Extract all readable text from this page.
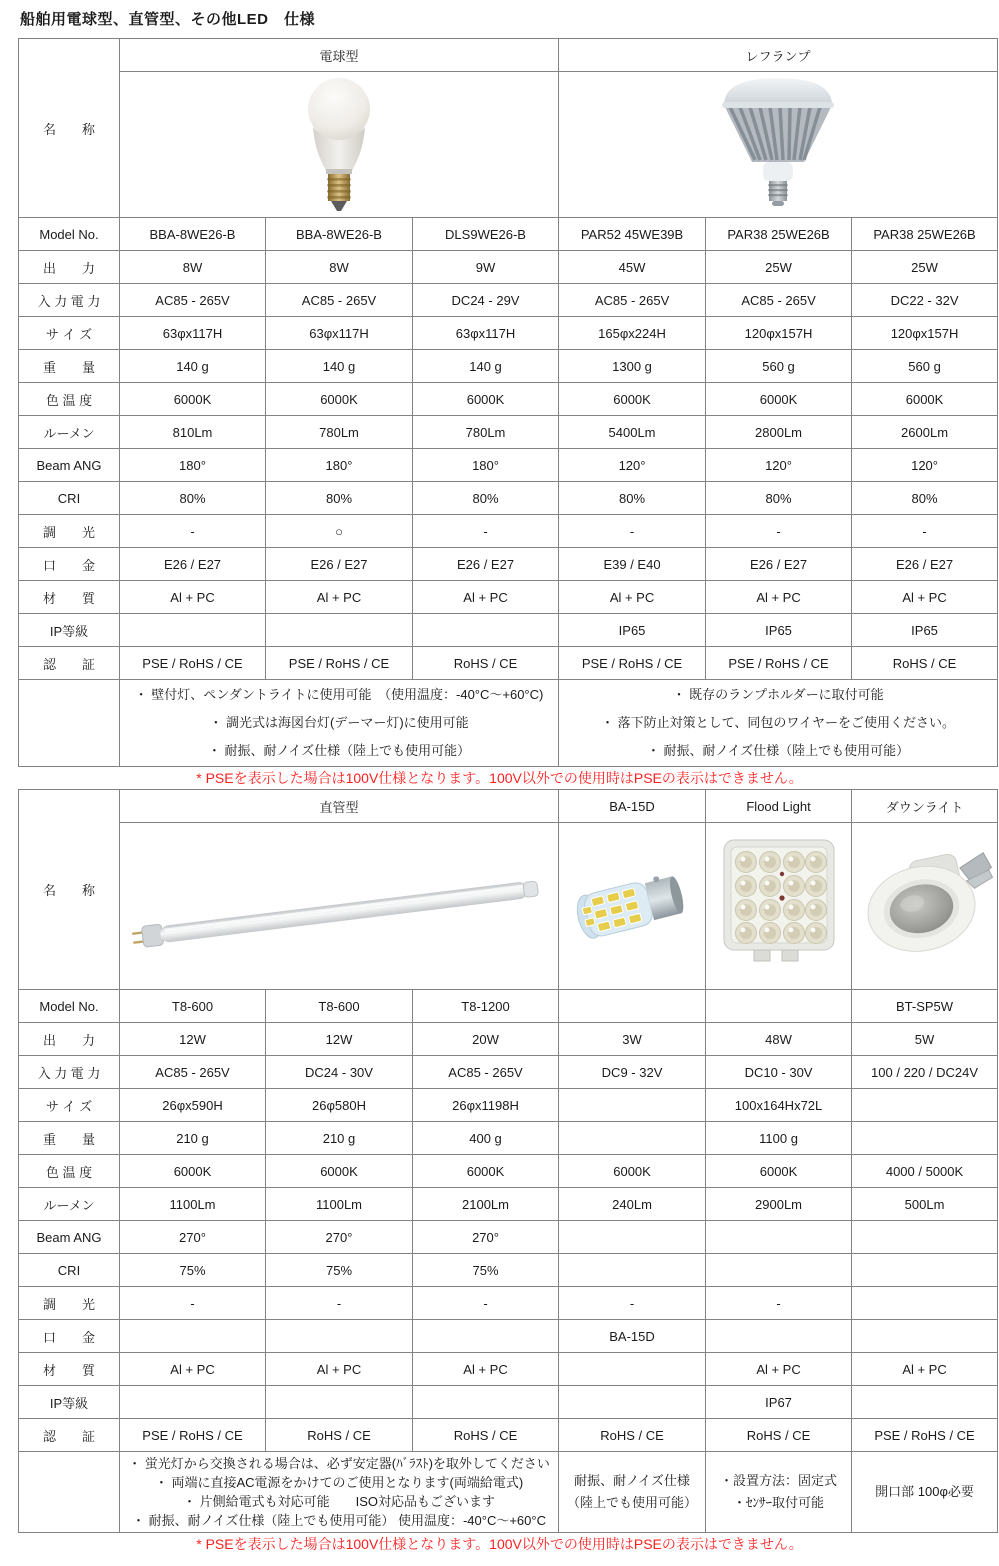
船舶用電球型、直管型、その他LED　仕様
名　　称	電球型			レフランプ		

Model No.	BBA-8WE26-B	BBA-8WE26-B	DLS9WE26-B	PAR52 45WE39B	PAR38 25WE26B	PAR38 25WE26B
出　　力	8W	8W	9W	45W	25W	25W
入 力 電 力	AC85 - 265V	AC85 - 265V	DC24 - 29V	AC85 - 265V	AC85 - 265V	DC22 - 32V
サ イ ズ	63φx117H	63φx117H	63φx117H	165φx224H	120φx157H	120φx157H
重　　量	140 g	140 g	140 g	1300 g	560 g	560 g
色 温 度	6000K	6000K	6000K	6000K	6000K	6000K
ルーメン	810Lm	780Lm	780Lm	5400Lm	2800Lm	2600Lm
Beam ANG	180°	180°	180°	120°	120°	120°
CRI	80%	80%	80%	80%	80%	80%
調　　光	-	○	-	-	-	-
口　　金	E26 / E27	E26 / E27	E26 / E27	E39 / E40	E26 / E27	E26 / E27
材　　質	Al + PC	Al + PC	Al + PC	Al + PC	Al + PC	Al + PC
IP等級				IP65	IP65	IP65
認　　証	PSE / RoHS / CE	PSE / RoHS / CE	RoHS / CE	PSE / RoHS / CE	PSE / RoHS / CE	RoHS / CE

・ 壁付灯、ペンダントライトに使用可能　（使用温度：-40°C～+60°C)
・ 調光式は海図台灯(デーマー灯)に使用可能
・ 耐振、耐ノイズ仕様（陸上でも使用可能）

・ 既存のランプホルダーに取付可能
・ 落下防止対策として、同包のワイヤーをご使用ください。
・ 耐振、耐ノイズ仕様（陸上でも使用可能）
* PSEを表示した場合は100V仕様となります。100V以外での使用時はPSEの表示はできません。
名　　称	直管型			BA-15D	Flood Light	ダウンライト

Model No.	T8-600	T8-600	T8-1200			BT-SP5W
出　　力	12W	12W	20W	3W	48W	5W
入 力 電 力	AC85 - 265V	DC24 - 30V	AC85 - 265V	DC9 - 32V	DC10 - 30V	100 / 220 / DC24V
サ イ ズ	26φx590H	26φ580H	26φx1198H		100x164Hx72L	
重　　量	210 g	210 g	400 g		1100 g	
色 温 度	6000K	6000K	6000K	6000K	6000K	4000 / 5000K
ルーメン	1100Lm	1100Lm	2100Lm	240Lm	2900Lm	500Lm
Beam ANG	270°	270°	270°			
CRI	75%	75%	75%			
調　　光	-	-	-	-	-	
口　　金				BA-15D		
材　　質	Al + PC	Al + PC	Al + PC		Al + PC	Al + PC
IP等級					IP67	
認　　証	PSE / RoHS / CE	RoHS / CE	RoHS / CE	RoHS / CE	RoHS / CE	PSE / RoHS / CE

・ 蛍光灯から交換される場合は、必ず安定器(ﾊﾞﾗｽﾄ)を取外してください
・ 両端に直接AC電源をかけてのご使用となります(両端給電式)
・ 片側給電式も対応可能　　ISO対応品もございます
・ 耐振、耐ノイズ仕様（陸上でも使用可能） 使用温度：-40°C～+60°C

耐振、耐ノイズ仕様
（陸上でも使用可能）

・設置方法：固定式
・ｾﾝｻｰ取付可能

開口部 100φ必要
* PSEを表示した場合は100V仕様となります。100V以外での使用時はPSEの表示はできません。
